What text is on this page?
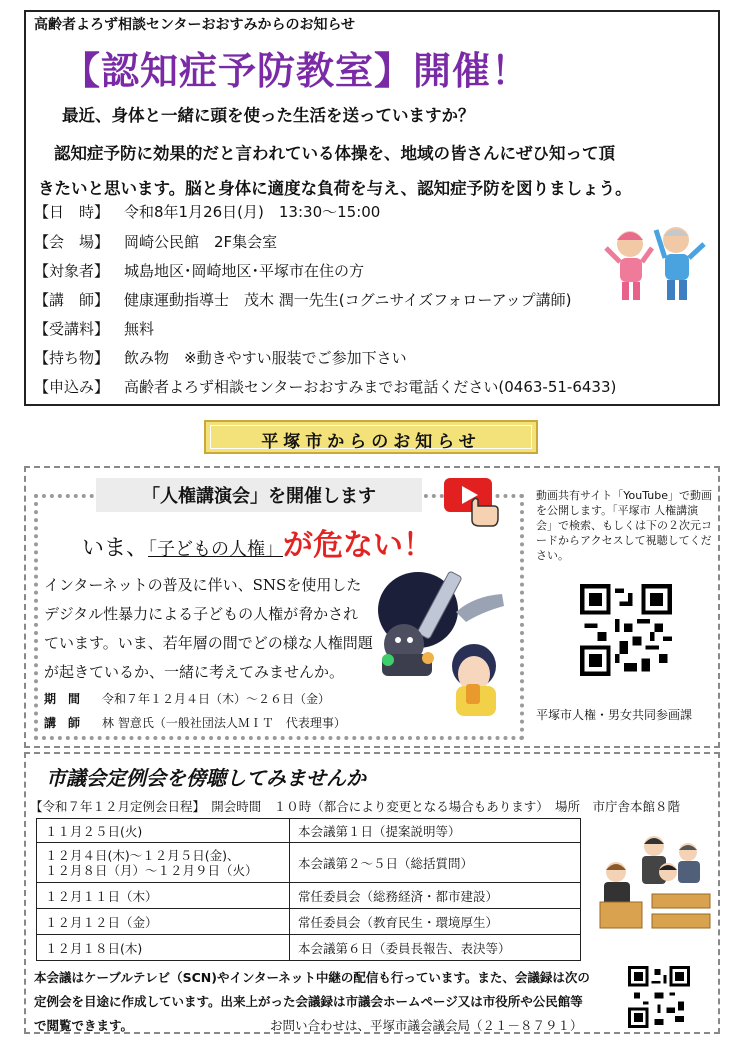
高齢者よろず相談センターおおすみからのお知らせ
【認知症予防教室】開催！
最近、身体と一緒に頭を使った生活を送っていますか？
認知症予防に効果的だと言われている体操を、地域の皆さんにぜひ知って頂
きたいと思います。脳と身体に適度な負荷を与え、認知症予防を図りましょう。
【日　時】 令和8年1月26日(月)　13:30～15:00
【会　場】 岡崎公民館　2F集会室
【対象者】 城島地区･岡崎地区･平塚市在住の方
【講　師】 健康運動指導士　茂木 潤一先生(コグニサイズフォローアップ講師)
【受講料】 無料
【持ち物】 飲み物　※動きやすい服装でご参加下さい
【申込み】 高齢者よろず相談センターおおすみまでお電話ください(0463-51-6433)
平塚市からのお知らせ
「人権講演会」を開催します
いま、「子どもの人権」が危ない！
インターネットの普及に伴い、SNSを使用した
デジタル性暴力による子どもの人権が脅かされ
ています。いま、若年層の間でどの様な人権問題
が起きているか、一緒に考えてみませんか。
期　間 令和７年１２月４日（木）～２６日（金）
講　師 林 智意氏（一般社団法人ＭＩＴ　代表理事）
動画共有サイト「YouTube」で動画を公開します。「平塚市 人権講演会」で検索、もしくは下の２次元コードからアクセスして視聴してください。
平塚市人権・男女共同参画課
市議会定例会を傍聴してみませんか
【令和７年１２月定例会日程】　開会時間　１０時（都合により変更となる場合もあります）　場所　市庁舎本館８階
１１月２５日(火)	本会議第１日（提案説明等）
１２月４日(木)～１２月５日(金)、
１２月８日（月）～１２月９日（火）	本会議第２～５日（総括質問）
１２月１１日（木）	常任委員会（総務経済・都市建設）
１２月１２日（金）	常任委員会（教育民生・環境厚生）
１２月１８日(木)	本会議第６日（委員長報告、表決等）
本会議はケーブルテレビ（SCN)やインターネット中継の配信も行っています。また、会議録は次の
定例会を目途に作成しています。出来上がった会議録は市議会ホームページ又は市役所や公民館等
で閲覧できます。	お問い合わせは、平塚市議会議会局（２１－８７９１）
